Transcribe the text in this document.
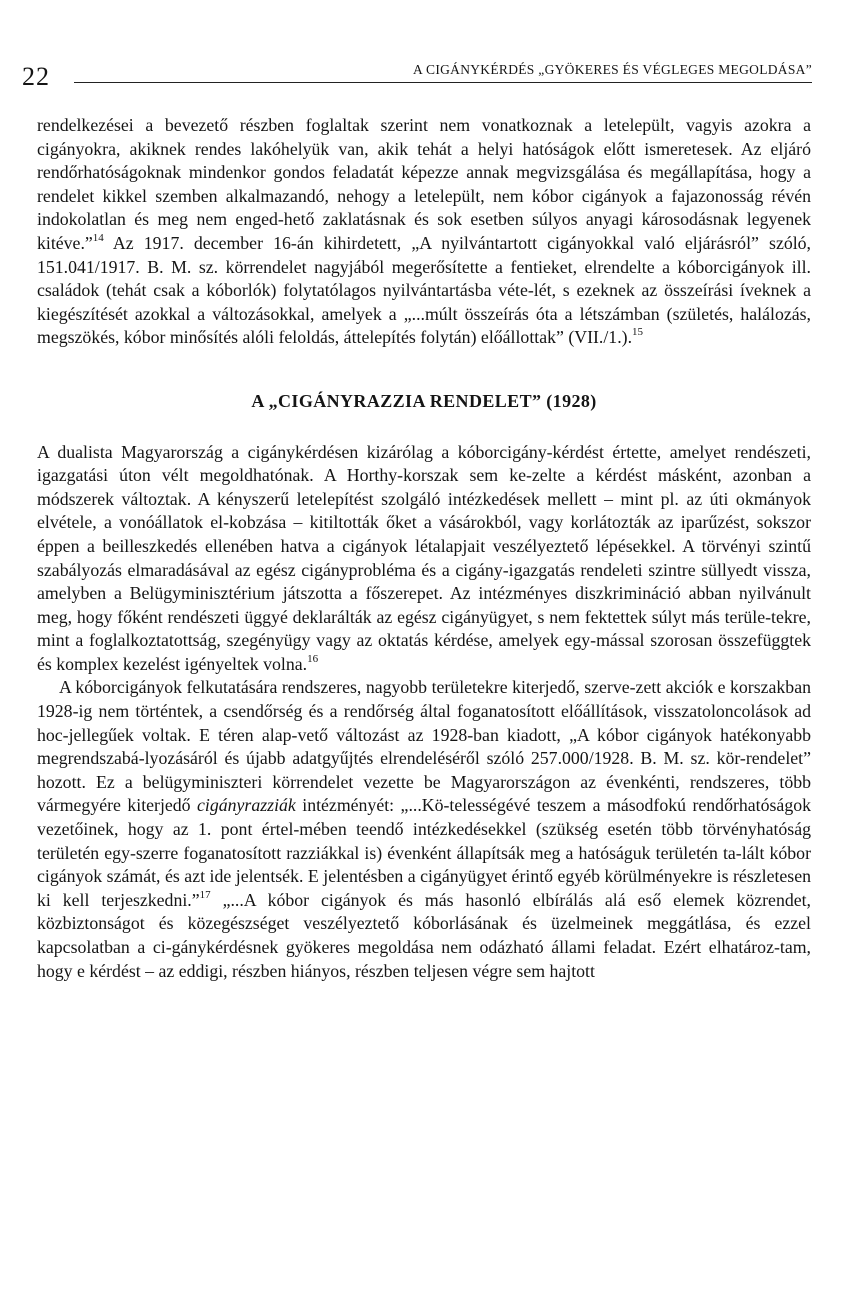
22	A CIGÁNYKÉRDÉS „GYÖKERES ÉS VÉGLEGES MEGOLDÁSA”

rendelkezései a bevezető részben foglaltak szerint nem vonatkoznak a letelepült, vagyis azokra a cigányokra, akiknek rendes lakóhelyük van, akik tehát a helyi hatóságok előtt ismeretesek. Az eljáró rendőrhatóságoknak mindenkor gondos feladatát képezze annak megvizsgálása és megállapítása, hogy a rendelet kikkel szemben alkalmazandó, nehogy a letelepült, nem kóbor cigányok a fajazonosság révén indokolatlan és meg nem enged-hető zaklatásnak és sok esetben súlyos anyagi károsodásnak legyenek kitéve.”$^{14}$ Az 1917. december 16-án kihirdetett, „A nyilvántartott cigányokkal való eljárásról” szóló, 151.041/1917. B. M. sz. körrendelet nagyjából megerősítette a fentieket, elrendelte a kóborcigányok ill. családok (tehát csak a kóborlók) folytatólagos nyilvántartásba véte-lét, s ezeknek az összeírási íveknek a kiegészítését azokkal a változásokkal, amelyek a „...múlt összeírás óta a létszámban (születés, halálozás, megszökés, kóbor minősítés alóli feloldás, áttelepítés folytán) előállottak” (VII./1.).$^{15}$

A „CIGÁNYRAZZIA RENDELET” (1928)

A dualista Magyarország a cigánykérdésen kizárólag a kóborcigány-kérdést értette, amelyet rendészeti, igazgatási úton vélt megoldhatónak. A Horthy-korszak sem ke-zelte a kérdést másként, azonban a módszerek változtak. A kényszerű letelepítést szolgáló intézkedések mellett – mint pl. az úti okmányok elvétele, a vonóállatok el-kobzása – kitiltották őket a vásárokból, vagy korlátozták az iparűzést, sokszor éppen a beilleszkedés ellenében hatva a cigányok létalapjait veszélyeztető lépésekkel. A törvényi szintű szabályozás elmaradásával az egész cigányprobléma és a cigány-igazgatás rendeleti szintre süllyedt vissza, amelyben a Belügyminisztérium játszotta a főszerepet. Az intézményes diszkrimináció abban nyilvánult meg, hogy főként rendészeti üggyé deklarálták az egész cigányügyet, s nem fektettek súlyt más terüle-tekre, mint a foglalkoztatottság, szegényügy vagy az oktatás kérdése, amelyek egy-mással szorosan összefüggtek és komplex kezelést igényeltek volna.$^{16}$

A kóborcigányok felkutatására rendszeres, nagyobb területekre kiterjedő, szerve-zett akciók e korszakban 1928-ig nem történtek, a csendőrség és a rendőrség által foganatosított előállítások, visszatoloncolások ad hoc-jellegűek voltak. E téren alap-vető változást az 1928-ban kiadott, „A kóbor cigányok hatékonyabb megrendszabá-lyozásáról és újabb adatgyűjtés elrendeléséről szóló 257.000/1928. B. M. sz. kör-rendelet” hozott. Ez a belügyminiszteri körrendelet vezette be Magyarországon az évenkénti, rendszeres, több vármegyére kiterjedő cigányrazziák intézményét: „...Kö-telességévé teszem a másodfokú rendőrhatóságok vezetőinek, hogy az 1. pont értel-mében teendő intézkedésekkel (szükség esetén több törvényhatóság területén egy-szerre foganatosított razziákkal is) évenként állapítsák meg a hatóságuk területén ta-lált kóbor cigányok számát, és azt ide jelentsék. E jelentésben a cigányügyet érintő egyéb körülményekre is részletesen ki kell terjeszkedni.”$^{17}$ „...A kóbor cigányok és más hasonló elbírálás alá eső elemek közrendet, közbiztonságot és közegészséget veszélyeztető kóborlásának és üzelmeinek meggátlása, és ezzel kapcsolatban a ci-gánykérdésnek gyökeres megoldása nem odázható állami feladat. Ezért elhatároz-tam, hogy e kérdést – az eddigi, részben hiányos, részben teljesen végre sem hajtott
